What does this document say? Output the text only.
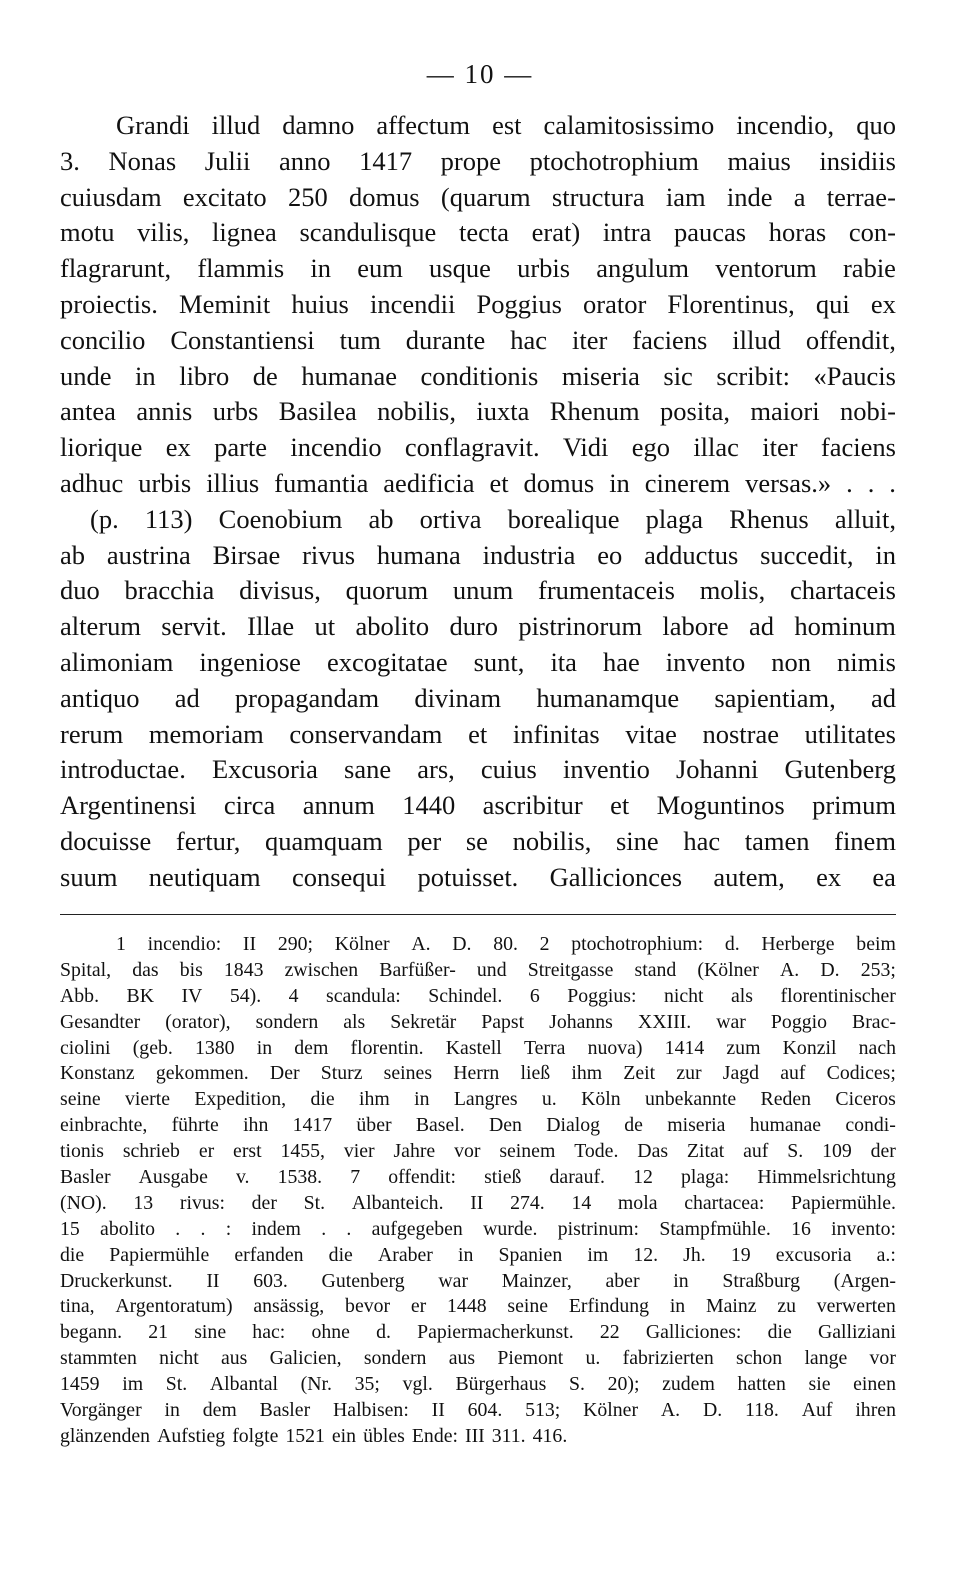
— 10 —
Grandi illud damno affectum est calamitosissimo incendio, quo
3. Nonas Julii anno 1417 prope ptochotrophium maius insidiis
cuiusdam excitato 250 domus (quarum structura iam inde a terrae-
motu vilis, lignea scandulisque tecta erat) intra paucas horas con-
flagrarunt, flammis in eum usque urbis angulum ventorum rabie
proiectis. Meminit huius incendii Poggius orator Florentinus, qui ex
concilio Constantiensi tum durante hac iter faciens illud offendit,
unde in libro de humanae conditionis miseria sic scribit: «Paucis
antea annis urbs Basilea nobilis, iuxta Rhenum posita, maiori nobi-
liorique ex parte incendio conflagravit. Vidi ego illac iter faciens
adhuc urbis illius fumantia aedificia et domus in cinerem versas.» . . .
(p. 113) Coenobium ab ortiva borealique plaga Rhenus alluit,
ab austrina Birsae rivus humana industria eo adductus succedit, in
duo bracchia divisus, quorum unum frumentaceis molis, chartaceis
alterum servit. Illae ut abolito duro pistrinorum labore ad hominum
alimoniam ingeniose excogitatae sunt, ita hae invento non nimis
antiquo ad propagandam divinam humanamque sapientiam, ad
rerum memoriam conservandam et infinitas vitae nostrae utilitates
introductae. Excusoria sane ars, cuius inventio Johanni Gutenberg
Argentinensi circa annum 1440 ascribitur et Moguntinos primum
docuisse fertur, quamquam per se nobilis, sine hac tamen finem
suum neutiquam consequi potuisset. Gallicionces autem, ex ea
1 incendio: II 290; Kölner A. D. 80. 2 ptochotrophium: d. Herberge beim
Spital, das bis 1843 zwischen Barfüßer- und Streitgasse stand (Kölner A. D. 253;
Abb. BK IV 54). 4 scandula: Schindel. 6 Poggius: nicht als florentinischer
Gesandter (orator), sondern als Sekretär Papst Johanns XXIII. war Poggio Brac-
ciolini (geb. 1380 in dem florentin. Kastell Terra nuova) 1414 zum Konzil nach
Konstanz gekommen. Der Sturz seines Herrn ließ ihm Zeit zur Jagd auf Codices;
seine vierte Expedition, die ihm in Langres u. Köln unbekannte Reden Ciceros
einbrachte, führte ihn 1417 über Basel. Den Dialog de miseria humanae condi-
tionis schrieb er erst 1455, vier Jahre vor seinem Tode. Das Zitat auf S. 109 der
Basler Ausgabe v. 1538. 7 offendit: stieß darauf. 12 plaga: Himmelsrichtung
(NO). 13 rivus: der St. Albanteich. II 274. 14 mola chartacea: Papiermühle.
15 abolito . . : indem . . aufgegeben wurde. pistrinum: Stampfmühle. 16 invento:
die Papiermühle erfanden die Araber in Spanien im 12. Jh. 19 excusoria a.:
Druckerkunst. II 603. Gutenberg war Mainzer, aber in Straßburg (Argen-
tina, Argentoratum) ansässig, bevor er 1448 seine Erfindung in Mainz zu verwerten
begann. 21 sine hac: ohne d. Papiermacherkunst. 22 Galliciones: die Galliziani
stammten nicht aus Galicien, sondern aus Piemont u. fabrizierten schon lange vor
1459 im St. Albantal (Nr. 35; vgl. Bürgerhaus S. 20); zudem hatten sie einen
Vorgänger in dem Basler Halbisen: II 604. 513; Kölner A. D. 118. Auf ihren
glänzenden Aufstieg folgte 1521 ein übles Ende: III 311. 416.
